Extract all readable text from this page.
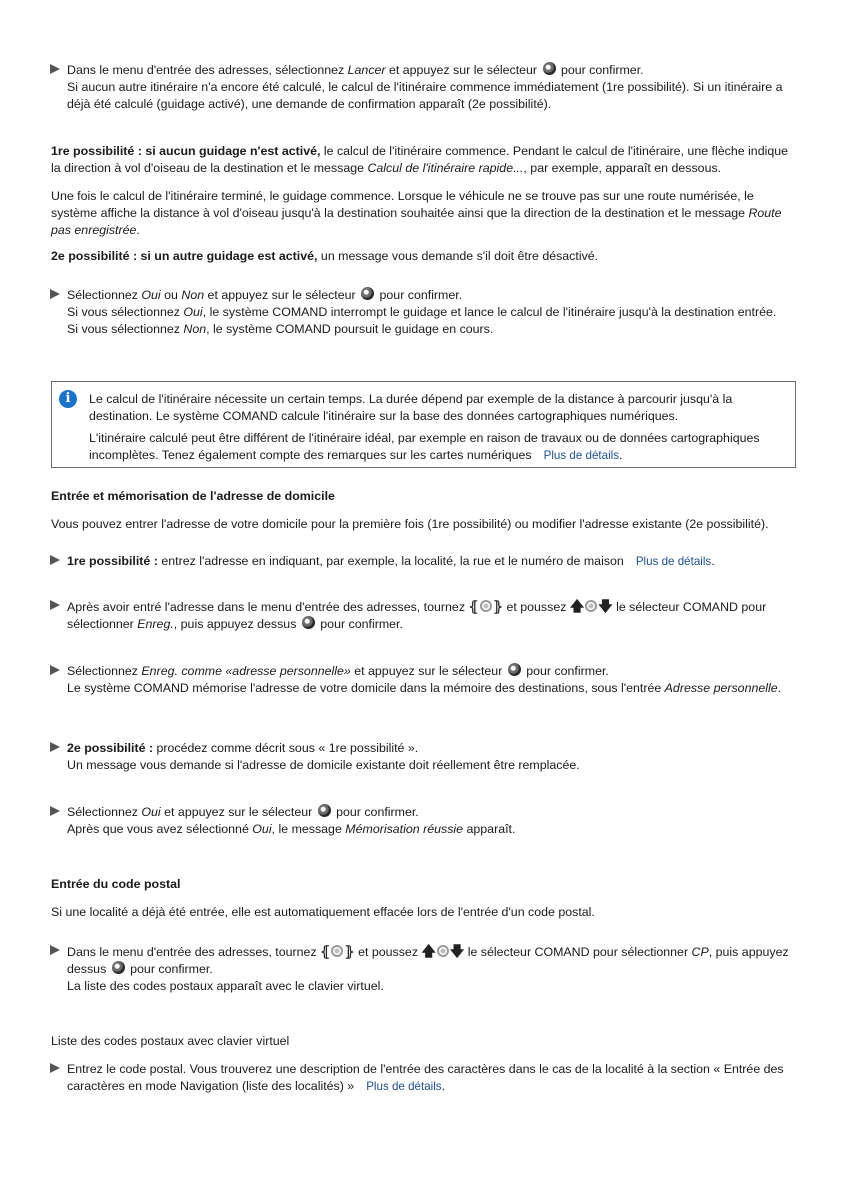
Dans le menu d'entrée des adresses, sélectionnez Lancer et appuyez sur le sélecteur  pour confirmer.
Si aucun autre itinéraire n'a encore été calculé, le calcul de l'itinéraire commence immédiatement (1re possibilité). Si un itinéraire a déjà été calculé (guidage activé), une demande de confirmation apparaît (2e possibilité).
1re possibilité : si aucun guidage n'est activé, le calcul de l'itinéraire commence. Pendant le calcul de l'itinéraire, une flèche indique la direction à vol d'oiseau de la destination et le message Calcul de l'itinéraire rapide..., par exemple, apparaît en dessous.
Une fois le calcul de l'itinéraire terminé, le guidage commence. Lorsque le véhicule ne se trouve pas sur une route numérisée, le système affiche la distance à vol d'oiseau jusqu'à la destination souhaitée ainsi que la direction de la destination et le message Route pas enregistrée.
2e possibilité : si un autre guidage est activé, un message vous demande s'il doit être désactivé.
Sélectionnez Oui ou Non et appuyez sur le sélecteur  pour confirmer.
Si vous sélectionnez Oui, le système COMAND interrompt le guidage et lance le calcul de l'itinéraire jusqu'à la destination entrée.
Si vous sélectionnez Non, le système COMAND poursuit le guidage en cours.
i	Le calcul de l'itinéraire nécessite un certain temps. La durée dépend par exemple de la distance à parcourir jusqu'à la destination. Le système COMAND calcule l'itinéraire sur la base des données cartographiques numériques.

L'itinéraire calculé peut être différent de l'itinéraire idéal, par exemple en raison de travaux ou de données cartographiques incomplètes. Tenez également compte des remarques sur les cartes numériques Plus de détails.

Entrée et mémorisation de l'adresse de domicile
Vous pouvez entrer l'adresse de votre domicile pour la première fois (1re possibilité) ou modifier l'adresse existante (2e possibilité).
1re possibilité : entrez l'adresse en indiquant, par exemple, la localité, la rue et le numéro de maison Plus de détails.
Après avoir entré l'adresse dans le menu d'entrée des adresses, tournez ⦃ ⦄ et poussez 🡅 🡇 le sélecteur COMAND pour sélectionner Enreg., puis appuyez dessus  pour confirmer.
Sélectionnez Enreg. comme «adresse personnelle» et appuyez sur le sélecteur  pour confirmer.
Le système COMAND mémorise l'adresse de votre domicile dans la mémoire des destinations, sous l'entrée Adresse personnelle.
2e possibilité : procédez comme décrit sous « 1re possibilité ».
Un message vous demande si l'adresse de domicile existante doit réellement être remplacée.
Sélectionnez Oui et appuyez sur le sélecteur  pour confirmer.
Après que vous avez sélectionné Oui, le message Mémorisation réussie apparaît.
Entrée du code postal
Si une localité a déjà été entrée, elle est automatiquement effacée lors de l'entrée d'un code postal.
Dans le menu d'entrée des adresses, tournez ⦃ ⦄ et poussez 🡅 🡇 le sélecteur COMAND pour sélectionner CP, puis appuyez dessus  pour confirmer.
La liste des codes postaux apparaît avec le clavier virtuel.
Liste des codes postaux avec clavier virtuel
Entrez le code postal. Vous trouverez une description de l'entrée des caractères dans le cas de la localité à la section « Entrée des caractères en mode Navigation (liste des localités) » Plus de détails.
